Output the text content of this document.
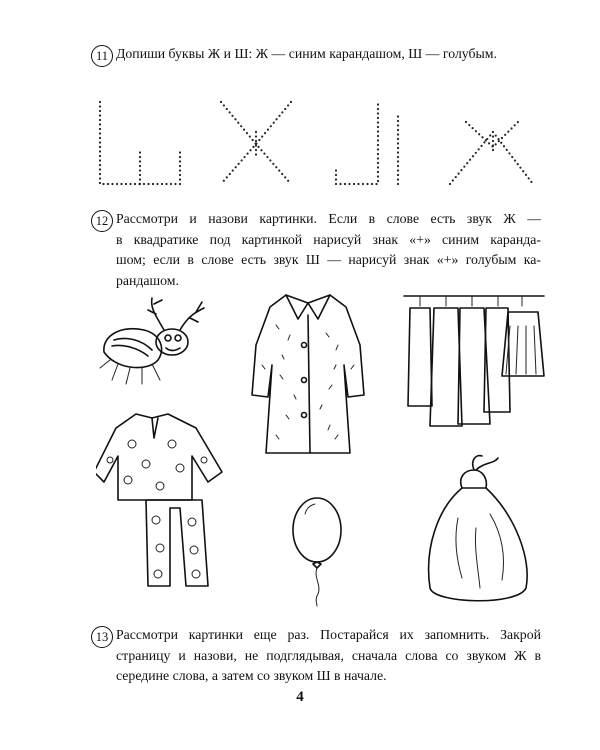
11 Допиши буквы Ж и Ш: Ж — синим карандашом, Ш — голубым.
12 Рассмотри и назови картинки. Если в слове есть звук Ж —
в квадратике под картинкой нарисуй знак «+» синим каранда-
шом; если в слове есть звук Ш — нарисуй знак «+» голубым ка-
рандашом.
13 Рассмотри картинки еще раз. Постарайся их запомнить. Закрой
страницу и назови, не подглядывая, сначала слова со звуком Ж в
середине слова, а затем со звуком Ш в начале.
4
